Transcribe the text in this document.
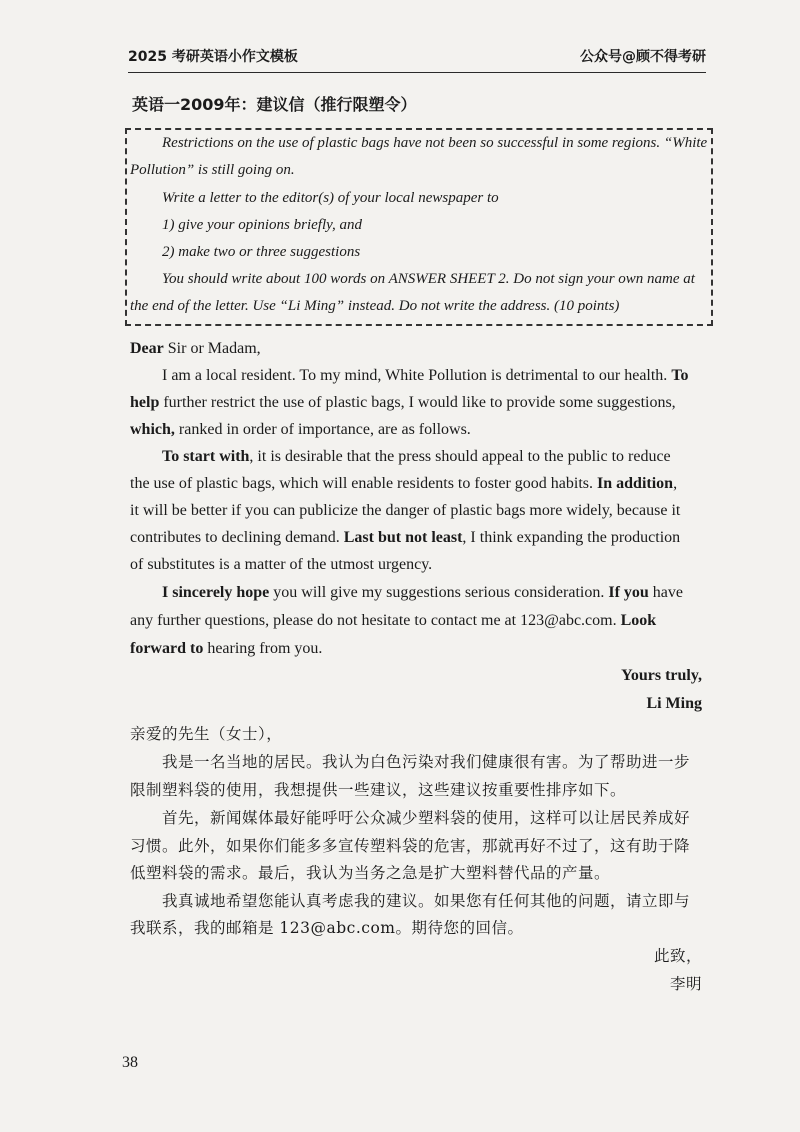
2025 考研英语小作文模板	公众号@顾不得考研
英语一2009年：建议信（推行限塑令）
Restrictions on the use of plastic bags have not been so successful in some regions. “White
Pollution” is still going on.
Write a letter to the editor(s) of your local newspaper to
1) give your opinions briefly, and
2) make two or three suggestions
You should write about 100 words on ANSWER SHEET 2. Do not sign your own name at
the end of the letter. Use “Li Ming” instead. Do not write the address. (10 points)
Dear Sir or Madam,
I am a local resident. To my mind, White Pollution is detrimental to our health. To
help further restrict the use of plastic bags, I would like to provide some suggestions,
which, ranked in order of importance, are as follows.
To start with, it is desirable that the press should appeal to the public to reduce
the use of plastic bags, which will enable residents to foster good habits. In addition,
it will be better if you can publicize the danger of plastic bags more widely, because it
contributes to declining demand. Last but not least, I think expanding the production
of substitutes is a matter of the utmost urgency.
I sincerely hope you will give my suggestions serious consideration. If you have
any further questions, please do not hesitate to contact me at 123@abc.com. Look
forward to hearing from you.
Yours truly,
Li Ming
亲爱的先生（女士），
我是一名当地的居民。我认为白色污染对我们健康很有害。为了帮助进一步
限制塑料袋的使用，我想提供一些建议，这些建议按重要性排序如下。
首先，新闻媒体最好能呼吁公众减少塑料袋的使用，这样可以让居民养成好
习惯。此外，如果你们能多多宣传塑料袋的危害，那就再好不过了，这有助于降
低塑料袋的需求。最后，我认为当务之急是扩大塑料替代品的产量。
我真诚地希望您能认真考虑我的建议。如果您有任何其他的问题，请立即与
我联系，我的邮箱是 123@abc.com。期待您的回信。
此致，
李明
38
